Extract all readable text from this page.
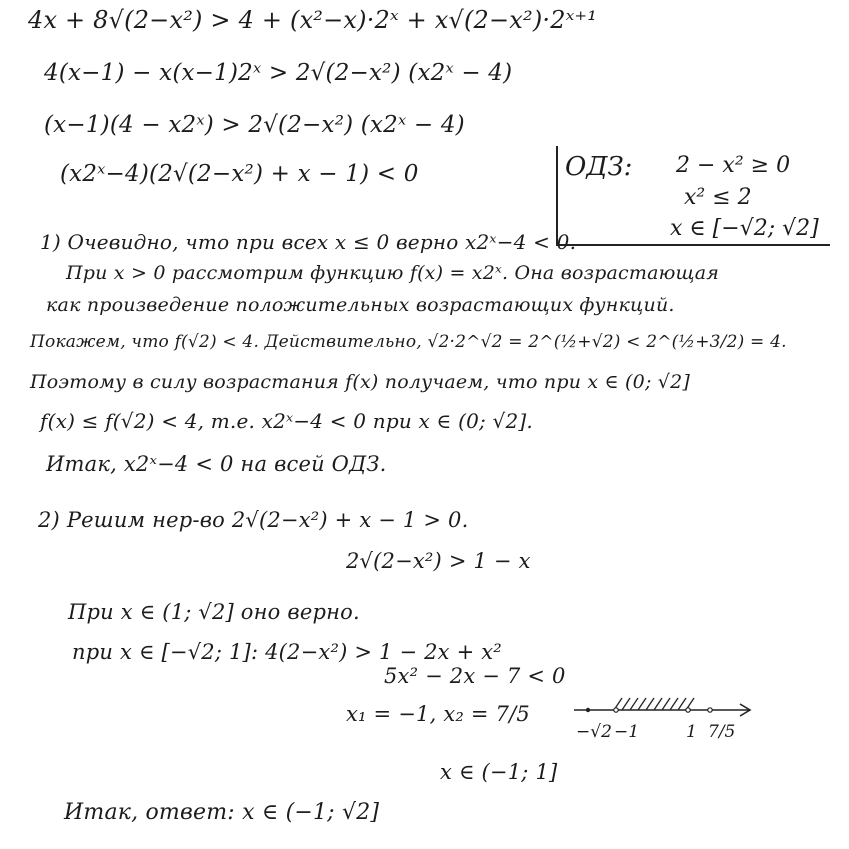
4x + 8√(2−x²) > 4 + (x²−x)·2ˣ + x√(2−x²)·2ˣ⁺¹
4(x−1) − x(x−1)2ˣ > 2√(2−x²) (x2ˣ − 4)
(x−1)(4 − x2ˣ) > 2√(2−x²) (x2ˣ − 4)
(x2ˣ−4)(2√(2−x²) + x − 1) < 0	ОДЗ: 2 − x² ≥ 0
x² ≤ 2
x ∈ [−√2; √2]
1) Очевидно, что при всех x ≤ 0 верно x2ˣ−4 < 0.
При x > 0 рассмотрим функцию f(x) = x2ˣ. Она возрастающая
как произведение положительных возрастающих функций.
Покажем, что f(√2) < 4. Действительно, √2·2^√2 = 2^(½+√2) < 2^(½+3/2) = 4.
Поэтому в силу возрастания f(x) получаем, что при x ∈ (0; √2]
f(x) ≤ f(√2) < 4, т.е. x2ˣ−4 < 0 при x ∈ (0; √2].
Итак, x2ˣ−4 < 0 на всей ОДЗ.
2) Решим нер-во 2√(2−x²) + x − 1 > 0.
2√(2−x²) > 1 − x
При x ∈ (1; √2] оно верно.
при x ∈ [−√2; 1]: 4(2−x²) > 1 − 2x + x²
5x² − 2x − 7 < 0
x₁ = −1, x₂ = 7/5
−√2 −1	1 7/5
x ∈ (−1; 1]
Итак, ответ: x ∈ (−1; √2]
